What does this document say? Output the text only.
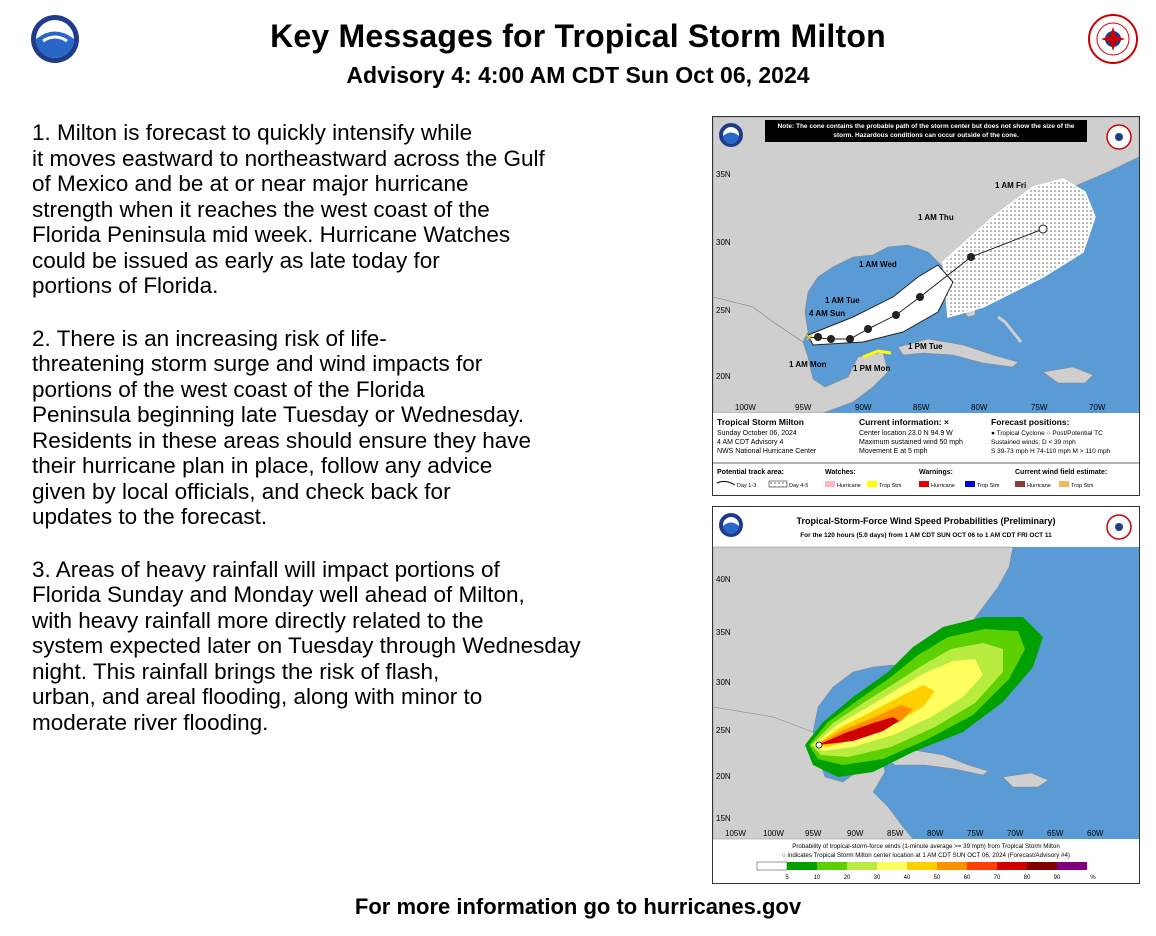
Key Messages for Tropical Storm Milton
Advisory 4: 4:00 AM CDT Sun Oct 06, 2024

1. Milton is forecast to quickly intensify while
it moves eastward to northeastward across the Gulf
of Mexico and be at or near major hurricane
strength when it reaches the west coast of the
Florida Peninsula mid week. Hurricane Watches
could be issued as early as late today for
portions of Florida.

2. There is an increasing risk of life-
threatening storm surge and wind impacts for
portions of the west coast of the Florida
Peninsula beginning late Tuesday or Wednesday.
Residents in these areas should ensure they have
their hurricane plan in place, follow any advice
given by local officials, and check back for
updates to the forecast.

3. Areas of heavy rainfall will impact portions of
Florida Sunday and Monday well ahead of Milton,
with heavy rainfall more directly related to the
system expected later on Tuesday through Wednesday
night. This rainfall brings the risk of flash,
urban, and areal flooding, along with minor to
moderate river flooding.

×
1 AM Fri
1 AM Thu
1 AM Wed
1 AM Tue
4 AM Sun
1 PM Tue
1 AM Mon	1 PM Mon
35N
30N
25N
20N
100W	95W	90W	85W	80W	75W	70W
Note: The cone contains the probable path of the storm center but does not show the size of the storm. Hazardous conditions can occur outside of the cone.
Tropical Storm Milton
Sunday October 06, 2024
4 AM CDT Advisory 4
NWS National Hurricane Center
Current information: ×
Center location 23.0 N 94.9 W
Maximum sustained wind 50 mph
Movement E at 5 mph
Forecast positions:
● Tropical Cyclone ○ Post/Potential TC
Sustained winds: D < 39 mph
S 39-73 mph H 74-110 mph M > 110 mph
Potential track area:	Watches:	Warnings:	Current wind field estimate:
Day 1-3	Day 4-5	Hurricane	Trop Stm	Hurricane	Trop Stm	Hurricane	Trop Stm
40N
35N
30N
25N
20N
15N
105W 100W	95W	90W	85W	80W	75W	70W	65W	60W
Tropical-Storm-Force Wind Speed Probabilities (Preliminary)
For the 120 hours (5.0 days) from 1 AM CDT SUN OCT 06 to 1 AM CDT FRI OCT 11
Probability of tropical-storm-force winds (1-minute average >= 39 mph) from Tropical Storm Milton
○ indicates Tropical Storm Milton center location at 1 AM CDT SUN OCT 06, 2024 (Forecast/Advisory #4)
5	10	20	30	40	50	60	70	80	90	%
For more information go to hurricanes.gov
